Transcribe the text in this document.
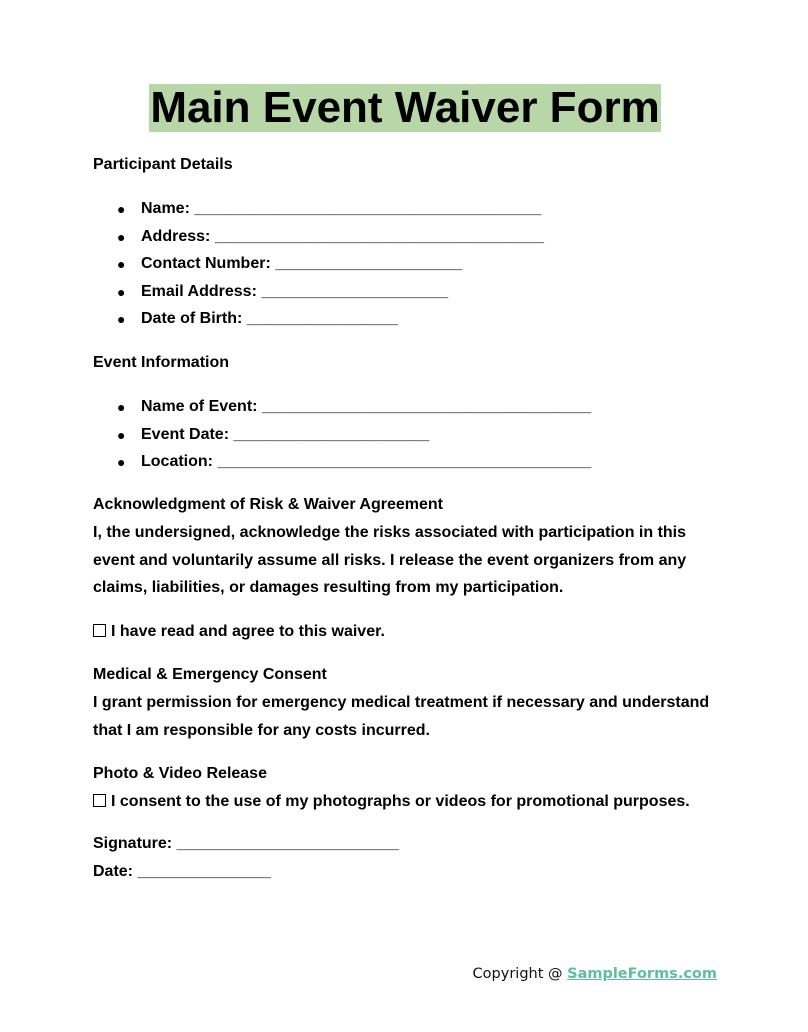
Main Event Waiver Form
Participant Details
● Name: _______________________________________
● Address: _____________________________________
● Contact Number: _____________________
● Email Address: _____________________
● Date of Birth: _________________
Event Information
● Name of Event: _____________________________________
● Event Date: ______________________
● Location: __________________________________________
Acknowledgment of Risk & Waiver Agreement
I, the undersigned, acknowledge the risks associated with participation in this event and voluntarily assume all risks. I release the event organizers from any claims, liabilities, or damages resulting from my participation.
I have read and agree to this waiver.
Medical & Emergency Consent
I grant permission for emergency medical treatment if necessary and understand that I am responsible for any costs incurred.
Photo & Video Release
I consent to the use of my photographs or videos for promotional purposes.
Signature: _________________________
Date: _______________
Copyright @ SampleForms.com
